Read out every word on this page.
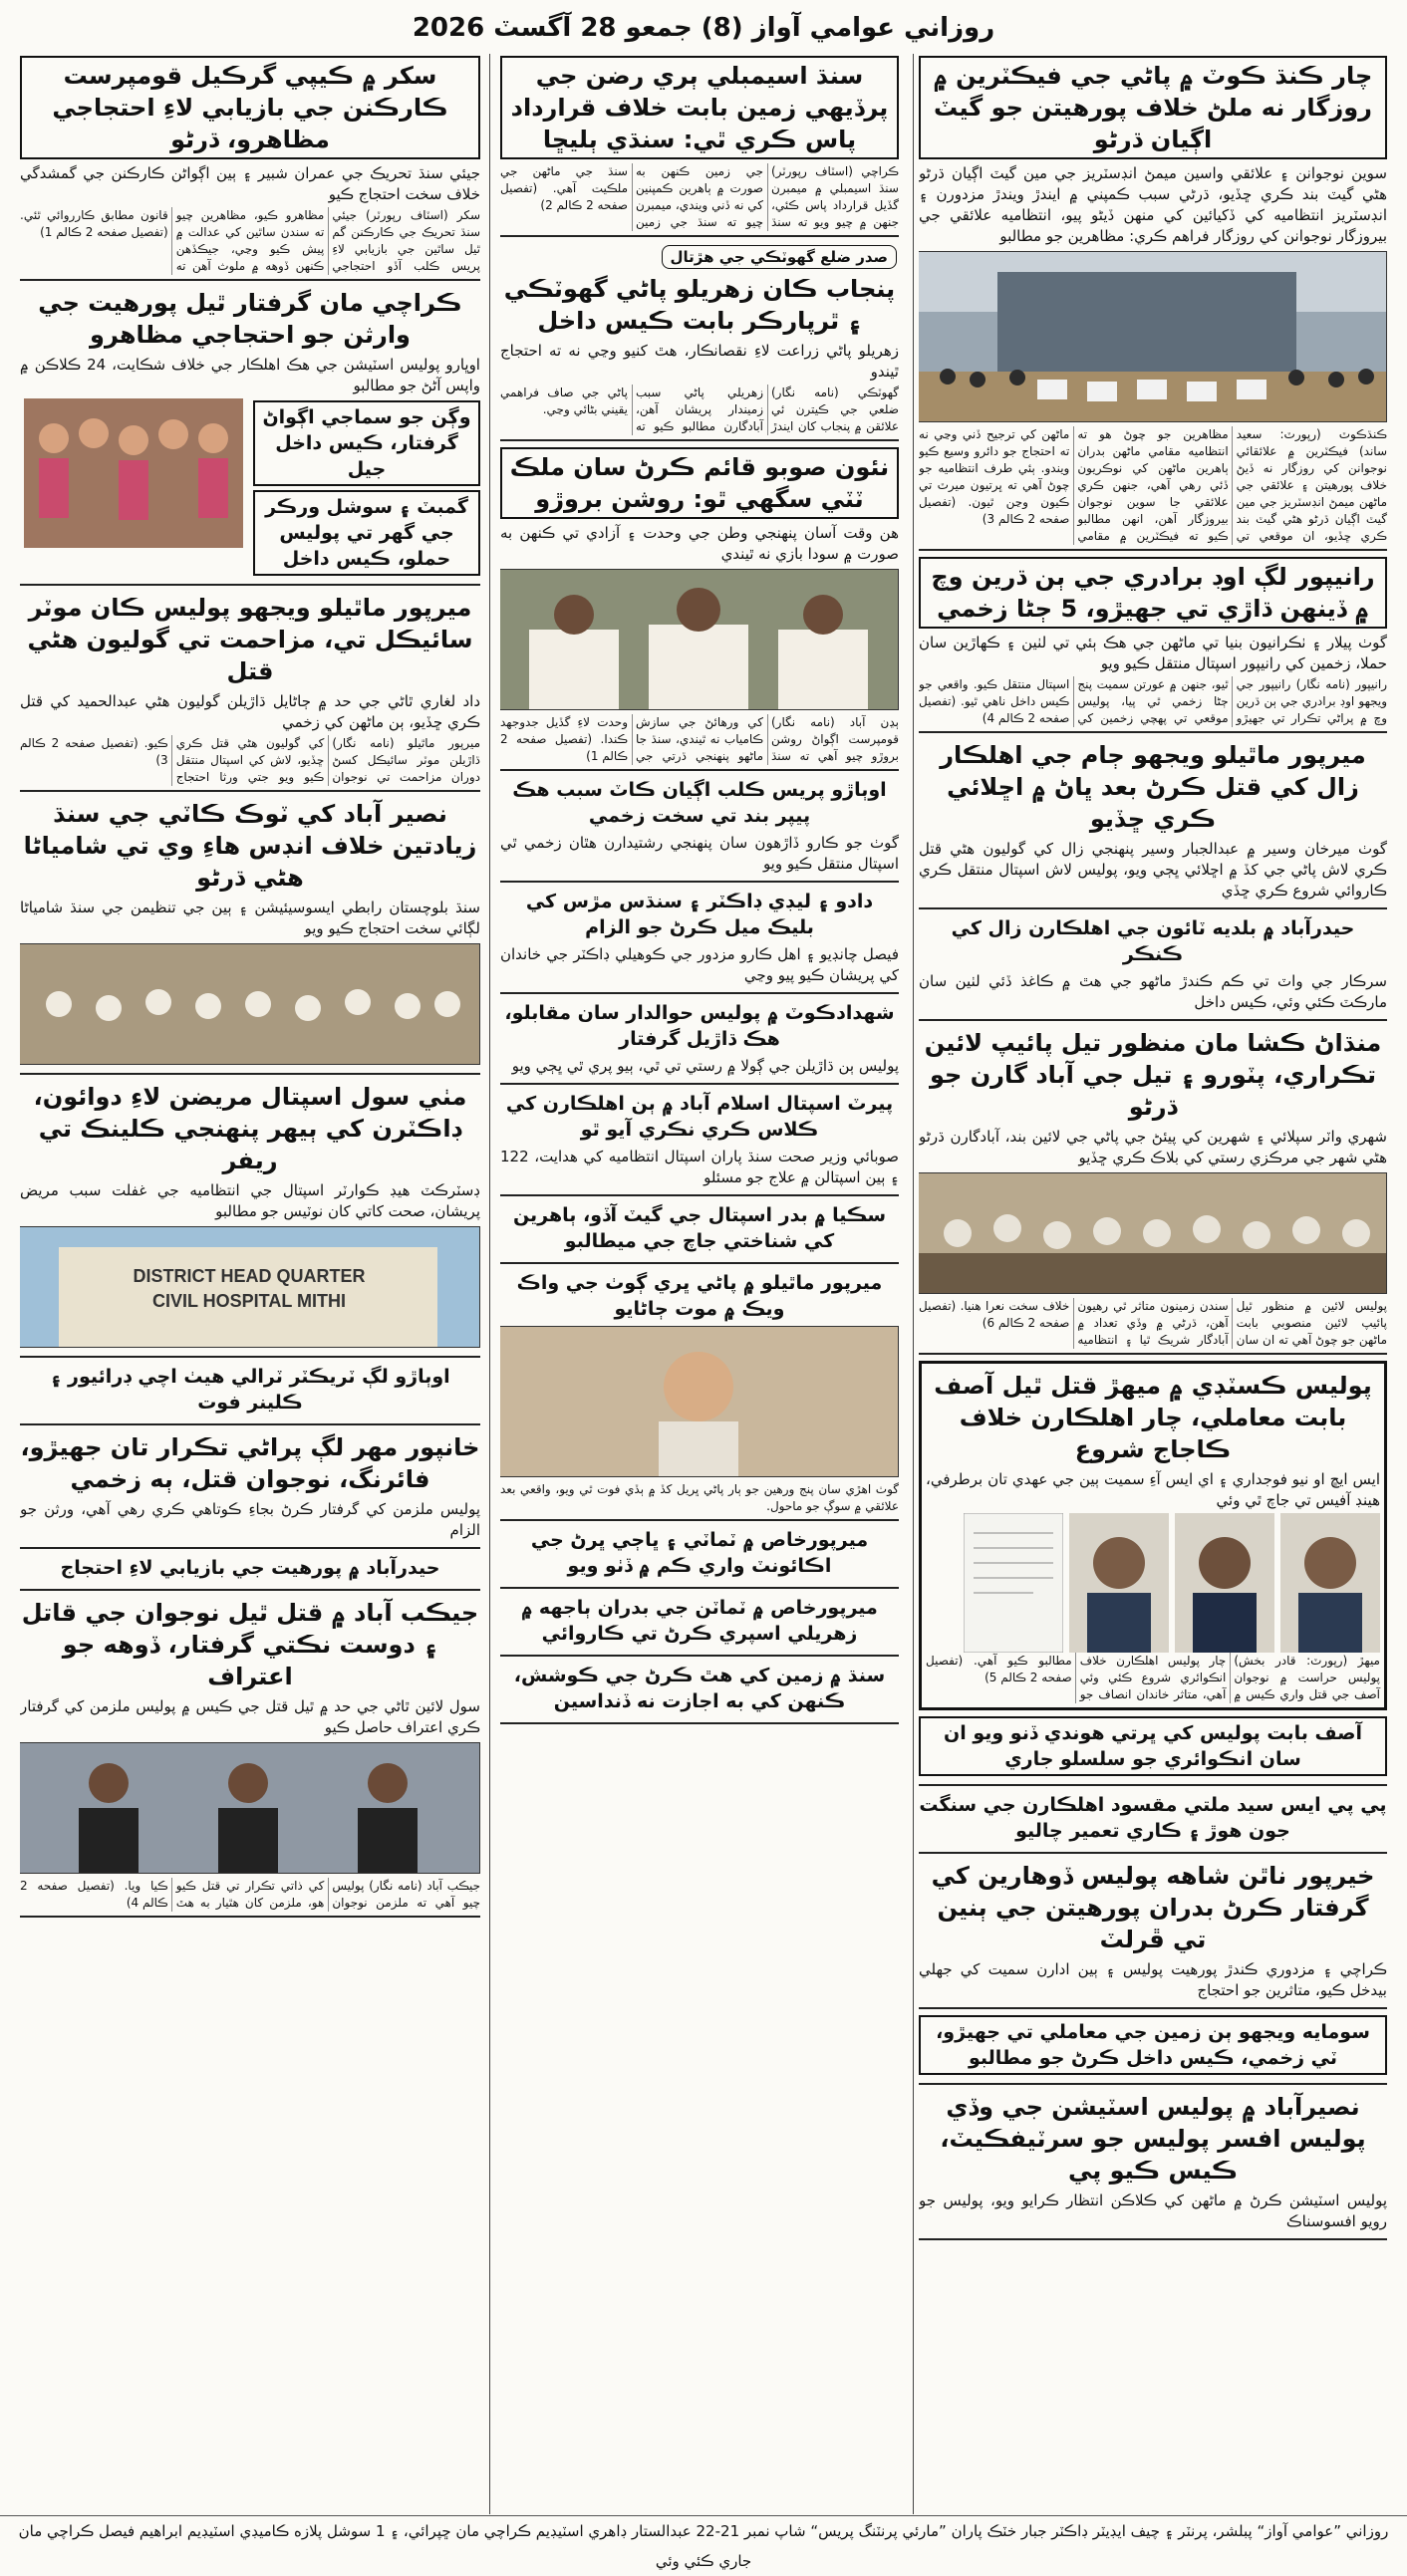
روزاني عوامي آواز (8) جمعو 28 آگسٽ 2026
چار ڪنڌ ڪوٽ ۾ پاڻي جي فيڪٽرين ۾ روزگار نه ملڻ خلاف پورهيتن جو گيٽ اڳيان ڌرڻو
سوين نوجوانن ۽ علائقي واسين ميمڻ انڊسٽريز جي مين گيٽ اڳيان ڌرڻو هڻي گيٽ بند ڪري ڇڏيو، ڌرڻي سبب ڪمپني ۾ ايندڙ ويندڙ مزدورن ۽ انڊسٽريز انتظاميه کي ڏکيائين کي منهن ڏيڻو پيو، انتظاميه علائقي جي بيروزگار نوجوانن کي روزگار فراهم ڪري: مظاهرين جو مطالبو
ڪنڌڪوٽ (رپورٽ: سعيد ساند) فيڪٽرين ۾ علائقائي نوجوانن کي روزگار نه ڏيڻ خلاف پورهيتن ۽ علائقي جي ماڻهن ميمڻ انڊسٽريز جي مين گيٽ اڳيان ڌرڻو هڻي گيٽ بند ڪري ڇڏيو، ان موقعي تي مظاهرين جو چوڻ هو ته انتظاميه مقامي ماڻهن بدران ٻاهرين ماڻهن کي نوڪريون ڏئي رهي آهي، جنهن ڪري علائقي جا سوين نوجوان بيروزگار آهن، انهن مطالبو ڪيو ته فيڪٽرين ۾ مقامي ماڻهن کي ترجيح ڏني وڃي نه ته احتجاج جو دائرو وسيع ڪيو ويندو. ٻئي طرف انتظاميه جو چوڻ آهي ته ڀرتيون ميرٽ تي ڪيون وڃن ٿيون. (تفصيل صفحه 2 ڪالم 3)
رانيپور لڳ اوڊ برادري جي ٻن ڌرين وچ ۾ ڏينهن ڌاڙي تي جهيڙو، 5 ڄڻا زخمي
گوٺ پيلار ۽ ٺڪرانيون بنيا تي ماڻهن جي هڪ ٻئي تي لٺين ۽ ڪهاڙين سان حملا، زخمين کي رانيپور اسپتال منتقل ڪيو ويو
رانيپور (نامه نگار) رانيپور جي ويجهو اوڊ برادري جي ٻن ڌرين وچ ۾ پراڻي تڪرار تي جهيڙو ٿيو، جنهن ۾ عورتن سميت پنج ڄڻا زخمي ٿي پيا، پوليس موقعي تي پهچي زخمين کي اسپتال منتقل ڪيو. واقعي جو ڪيس داخل ناهي ٿيو. (تفصيل صفحه 2 ڪالم 4)
ميرپور ماٿيلو ويجهو ڄام جي اهلڪار زال کي قتل ڪرڻ بعد ڀاڻ ۾ اڇلائي ڪري ڇڏيو
گوٺ ميرخان وسير ۾ عبدالجبار وسير پنهنجي زال کي گوليون هڻي قتل ڪري لاش پاڻي جي کڏ ۾ اڇلائي ڀڄي ويو، پوليس لاش اسپتال منتقل ڪري ڪاروائي شروع ڪري ڇڏي
حيدرآباد ۾ بلديه ٽائون جي اهلڪارن زال کي ڪنڪر
سرڪار جي واٽ تي ڪم ڪندڙ ماڻهو جي هٿ ۾ ڪاغذ ڏئي لٺين سان مارڪٽ ڪئي وئي، ڪيس داخل
منڌاڻ ڪشا مان منظور تيل پائيپ لائين تڪراري، پٽورو ۽ تيل جي آباد گارن جو ڌرڻو
شهري واٽر سپلائي ۽ شهرين کي پيئڻ جي پاڻي جي لائين بند، آبادگارن ڌرڻو هڻي شهر جي مرڪزي رستي کي بلاڪ ڪري ڇڏيو
پوليس لائين ۾ منظور ٿيل پائيپ لائين منصوبي بابت ماڻهن جو چوڻ آهي ته ان سان سندن زمينون متاثر ٿي رهيون آهن، ڌرڻي ۾ وڏي تعداد ۾ آبادگار شريڪ ٿيا ۽ انتظاميه خلاف سخت نعرا هنيا. (تفصيل صفحه 2 ڪالم 6)
پوليس ڪسٽڊي ۾ ميهڙ قتل ٿيل آصف بابت معاملي، چار اهلڪارن خلاف ڪاجاج شروع
ايس ايڇ او نيو فوجداري ۽ اي ايس آءِ سميت ٻين جي عهدي تان برطرفي، هينڊ آفيس تي جاچ ٿي وئي
ميهڙ (رپورٽ: قادر بخش) پوليس حراست ۾ نوجوان آصف جي قتل واري ڪيس ۾ چار پوليس اهلڪارن خلاف انڪوائري شروع ڪئي وئي آهي، متاثر خاندان انصاف جو مطالبو ڪيو آهي. (تفصيل صفحه 2 ڪالم 5)
آصف بابت پوليس کي ڀرتي هوندي ڏنو ويو ان سان انڪوائري جو سلسلو جاري
پي پي ايس سيد ملتي مقسود اهلڪارن جي سنگت جون هوڙ ۽ ڪاري تعمير چاليو
خيرپور ناٿن شاهه پوليس ڏوهارين کي گرفتار ڪرڻ بدران پورهيتن جي ٻنين تي ڦرلٽ
ڪراچي ۽ مزدوري ڪندڙ پورهيت پوليس ۽ ٻين ادارن سميت کي جهلي بيدخل ڪيو، متاثرين جو احتجاج
سومايه ويجهو ٻن زمين جي معاملي تي جهيڙو، ٽي زخمي، ڪيس داخل ڪرڻ جو مطالبو
نصيرآباد ۾ پوليس اسٽيشن جي وڏي پوليس افسر پوليس جو سرٽيفڪيٽ، ڪيس ڪيو پي
پوليس اسٽيشن ڪرڻ ۾ ماڻهن کي ڪلاڪن انتظار ڪرايو ويو، پوليس جو رويو افسوسناڪ
سنڌ اسيمبلي ٻري رضن جي پرڏيهي زمين بابت خلاف قرارداد پاس ڪري ٿي: سنڌي ٻليڇا
ڪراچي (اسٽاف رپورٽر) سنڌ اسيمبلي ۾ ميمبرن گڏيل قرارداد پاس ڪئي، جنهن ۾ چيو ويو ته سنڌ جي زمين ڪنهن به صورت ۾ ٻاهرين ڪمپنين کي نه ڏني ويندي، ميمبرن چيو ته سنڌ جي زمين سنڌ جي ماڻهن جي ملڪيت آهي. (تفصيل صفحه 2 ڪالم 2)
صدر ضلع گهوٽڪي جي هڙتال
پنجاب ڪان زهريلو پاڻي گهوٽڪي ۽ ٿرپارڪر بابت ڪيس داخل
زهريلو پاڻي زراعت لاءِ نقصانڪار، هٿ کنيو وڃي نه ته احتجاج ٿيندو
گهوٽڪي (نامه نگار) ضلعي جي ڪيترن ئي علائقن ۾ پنجاب کان ايندڙ زهريلي پاڻي سبب زميندار پريشان آهن، آبادگارن مطالبو ڪيو ته پاڻي جي صاف فراهمي يقيني بڻائي وڃي.
نئون صوبو قائم ڪرڻ سان ملڪ ٽٽي سگهي ٿو: روشن بروڙو
هن وقت آسان پنهنجي وطن جي وحدت ۽ آزادي تي ڪنهن به صورت ۾ سودا بازي نه ٿيندي
ٻڍن آباد (نامه نگار) قومپرست اڳواڻ روشن بروڙو چيو آهي ته سنڌ کي ورهائڻ جي سازش ڪامياب نه ٿيندي، سنڌ جا ماڻهو پنهنجي ڌرتي جي وحدت لاءِ گڏيل جدوجهد ڪندا. (تفصيل صفحه 2 ڪالم 1)
اوٻاڙو پريس ڪلب اڳيان ڪاٽ سبب هڪ پيپر بند تي سخت زخمي
گوٺ جو ڪارو ڏاڙهون سان پنهنجي رشتيدارن هٿان زخمي ٿي اسپتال منتقل ڪيو ويو
دادو ۽ ليڊي ڊاڪٽر ۽ سنڌس مڙس کي بليڪ ميل ڪرڻ جو الزام
فيصل چانڊيو ۽ اهل ڪارو مزدور جي ڪوهيلي ڊاڪٽر جي خاندان کي پريشان ڪيو پيو وڃي
شهدادڪوٽ ۾ پوليس حوالدار سان مقابلو، هڪ ڌاڙيل گرفتار
پوليس ٻن ڌاڙيلن جي ڳولا ۾ رستي تي ٿي، ٻيو پري ٿي ڀڄي ويو
پيرٽ اسپتال اسلام آباد ۾ ٻن اهلڪارن کي ڪلاس ڪري نڪري آيو ٿو
صوبائي وزير صحت سنڌ پاران اسپتال انتظاميه کي هدايت، 122 ۽ ٻين اسپتالن ۾ علاج جو مسئلو
سڪيا ۾ بدر اسپتال جي گيٽ آڏو، ٻاهرين کي شناختي جاچ جي ميطالبو
ميرپور ماٿيلو ۾ پاڻي ڀري ڳوٺ جي واڪ ويڪ ۾ موت ڄاڻايو
گوٺ اهڙي سان پنج ورهين جو ٻار پاڻي ڀريل کڏ ۾ ٻڏي فوت ٿي ويو، واقعي بعد علائقي ۾ سوڳ جو ماحول.
ميرپورخاص ۾ ٽماٽي ۽ ڀاڄي ڀرڻ جي اڪائونٽ واري ڪم ۾ ڏٺو ويو
ميرپورخاص ۾ ٽماٽن جي بدران ٻاجهه ۾ زهريلي اسپري ڪرڻ تي ڪاروائي
سنڌ ۾ زمين کي هٿ ڪرڻ جي ڪوشش، ڪنهن کي به اجازت نه ڏنداسين
سکر ۾ ڪيپي گرڪيل قومپرست ڪارڪنن جي بازيابي لاءِ احتجاجي مظاهرو، ڌرڻو
جيئي سنڌ تحريڪ جي عمران شبير ۽ ٻين اڳواڻن ڪارڪنن جي گمشدگي خلاف سخت احتجاج ڪيو
سکر (اسٽاف رپورٽر) جيئي سنڌ تحريڪ جي ڪارڪنن گم ٿيل ساٿين جي بازيابي لاءِ پريس ڪلب آڏو احتجاجي مظاهرو ڪيو، مظاهرين چيو ته سندن ساٿين کي عدالت ۾ پيش ڪيو وڃي، جيڪڏهن ڪنهن ڏوهه ۾ ملوث آهن ته قانون مطابق ڪارروائي ٿئي. (تفصيل صفحه 2 ڪالم 1)
ڪراچي مان گرفتار ٿيل پورهيت جي وارثن جو احتجاجي مظاهرو
اوڀارو پوليس اسٽيشن جي هڪ اهلڪار جي خلاف شڪايت، 24 ڪلاڪن ۾ واپس آڻڻ جو مطالبو
وڳن جو سماجي اڳواڻ گرفتار، ڪيس داخل جيل
گمبٽ ۽ سوشل ورڪر جي گهر تي پوليس حملو، ڪيس داخل
ميرپور ماٿيلو ويجهو پوليس ڪان موٽر سائيڪل تي، مزاحمت تي گوليون هڻي قتل
داد لغاري ٿاڻي جي حد ۾ ڄاڻايل ڌاڙيلن گوليون هڻي عبدالحميد کي قتل ڪري ڇڏيو، ٻن ماڻهن کي زخمي
ميرپور ماٿيلو (نامه نگار) ڌاڙيلن موٽر سائيڪل کسڻ دوران مزاحمت تي نوجوان کي گوليون هڻي قتل ڪري ڇڏيو، لاش کي اسپتال منتقل ڪيو ويو جتي ورثا احتجاج ڪيو. (تفصيل صفحه 2 ڪالم 3)
نصير آباد کي ٽوڪ ڪاٽي جي سنڌ زيادتين خلاف انڊس هاءِ وي تي شامياڻا هڻي ڌرڻو
سنڌ بلوچستان رابطي ايسوسيئيشن ۽ ٻين جي تنظيمن جي سنڌ شامياڻا لڳائي سخت احتجاج ڪيو ويو
مٺي سول اسپتال مريضن لاءِ دوائون، ڊاڪٽرن کي ٻيهر پنهنجي ڪلينڪ تي ريفر
ڊسٽرڪٽ هيڊ ڪوارٽر اسپتال جي انتظاميه جي غفلت سبب مريض پريشان، صحت کاتي کان نوٽيس جو مطالبو
DISTRICT HEAD QUARTER
CIVIL HOSPITAL MITHI
اوٻاڙو لڳ ٽريڪٽر ٽرالي هيٺ اچي ڊرائيور ۽ ڪلينر فوت
خانپور مهر لڳ پراڻي تڪرار تان جهيڙو، فائرنگ، نوجوان قتل، ٻه زخمي
پوليس ملزمن کي گرفتار ڪرڻ بجاءِ ڪوتاهي ڪري رهي آهي، ورثن جو الزام
حيدرآباد ۾ پورهيت جي بازيابي لاءِ احتجاج
جيڪب آباد ۾ قتل ٿيل نوجوان جي قاتل ۽ دوست نڪتي گرفتار، ڏوهه جو اعتراف
سول لائين ٿاڻي جي حد ۾ ٿيل قتل جي ڪيس ۾ پوليس ملزمن کي گرفتار ڪري اعتراف حاصل ڪيو
جيڪب آباد (نامه نگار) پوليس چيو آهي ته ملزمن نوجوان کي ذاتي تڪرار تي قتل ڪيو هو، ملزمن کان هٿيار به هٿ ڪيا ويا. (تفصيل صفحه 2 ڪالم 4)
روزاني ”عوامي آواز“ پبلشر، پرنٽر ۽ چيف ايڊيٽر ڊاڪٽر جبار خٽڪ پاران ”مارئي پرنٽنگ پريس“ شاپ نمبر 21-22 عبدالستار ڊاهري اسٽيڊيم ڪراچي مان ڇپرائي، ۽ 1 سوشل پلازه ڪاميڊي اسٽيڊيم ابراهيم فيصل ڪراچي مان جاري ڪئي وئي
